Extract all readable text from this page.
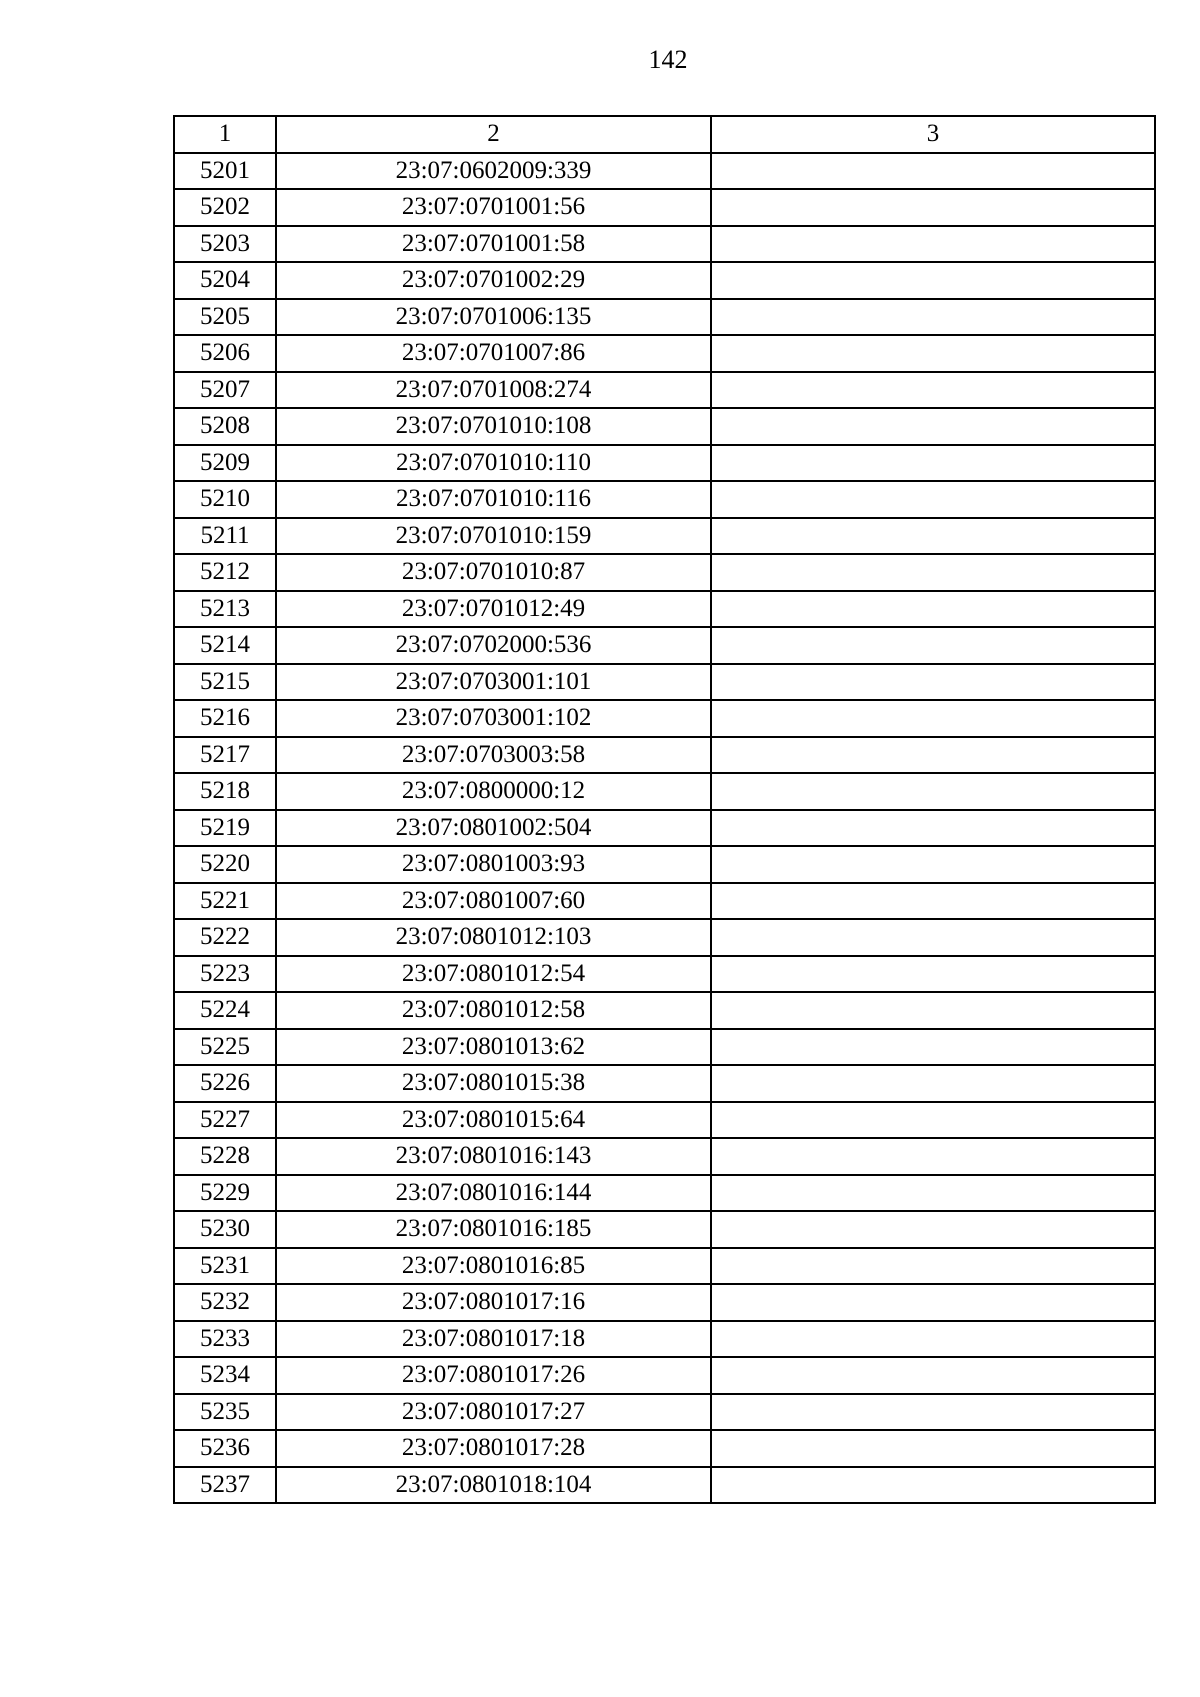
142
1	2	3
5201	23:07:0602009:339	
5202	23:07:0701001:56	
5203	23:07:0701001:58	
5204	23:07:0701002:29	
5205	23:07:0701006:135	
5206	23:07:0701007:86	
5207	23:07:0701008:274	
5208	23:07:0701010:108	
5209	23:07:0701010:110	
5210	23:07:0701010:116	
5211	23:07:0701010:159	
5212	23:07:0701010:87	
5213	23:07:0701012:49	
5214	23:07:0702000:536	
5215	23:07:0703001:101	
5216	23:07:0703001:102	
5217	23:07:0703003:58	
5218	23:07:0800000:12	
5219	23:07:0801002:504	
5220	23:07:0801003:93	
5221	23:07:0801007:60	
5222	23:07:0801012:103	
5223	23:07:0801012:54	
5224	23:07:0801012:58	
5225	23:07:0801013:62	
5226	23:07:0801015:38	
5227	23:07:0801015:64	
5228	23:07:0801016:143	
5229	23:07:0801016:144	
5230	23:07:0801016:185	
5231	23:07:0801016:85	
5232	23:07:0801017:16	
5233	23:07:0801017:18	
5234	23:07:0801017:26	
5235	23:07:0801017:27	
5236	23:07:0801017:28	
5237	23:07:0801018:104	
